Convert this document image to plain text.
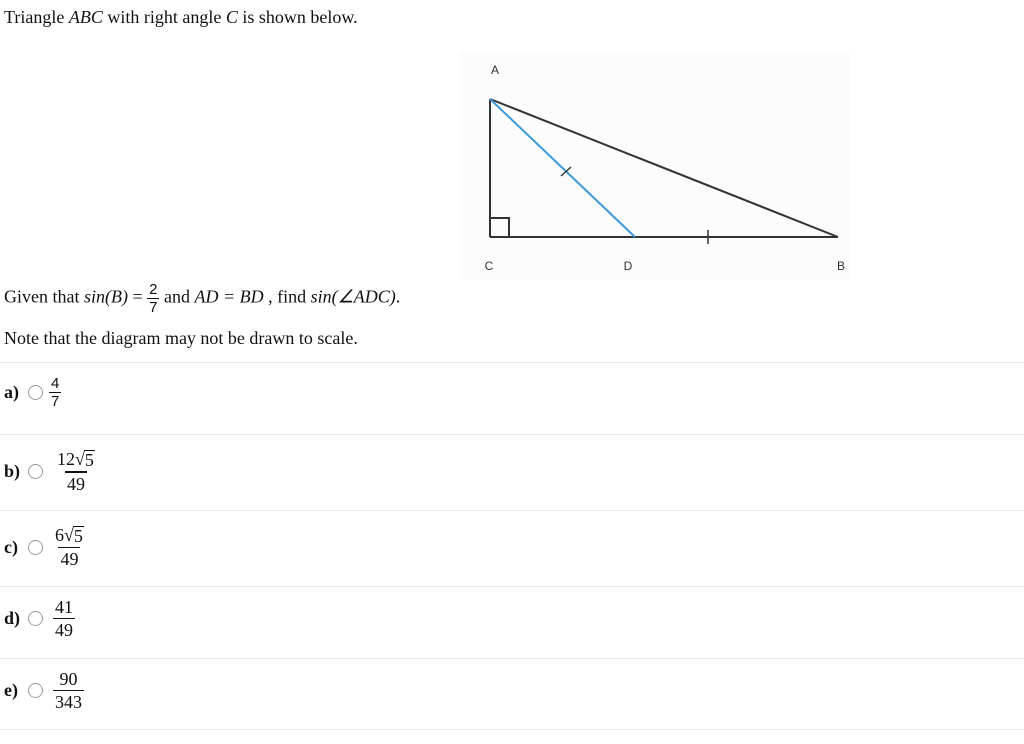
Triangle ABC with right angle C is shown below.
A
C	D	B
Given that $\sin(B) = \frac{2}{7}$ and AD = BD , find sin(∠ADC).
Note that the diagram may not be drawn to scale.
a)	$\frac{4}{7}$
b)	$\frac{12 √ 5}{49}$
c)	$\frac{6 √ 5}{49}$
d)	$\frac{41}{49}$
e)	$\frac{90}{343}$
